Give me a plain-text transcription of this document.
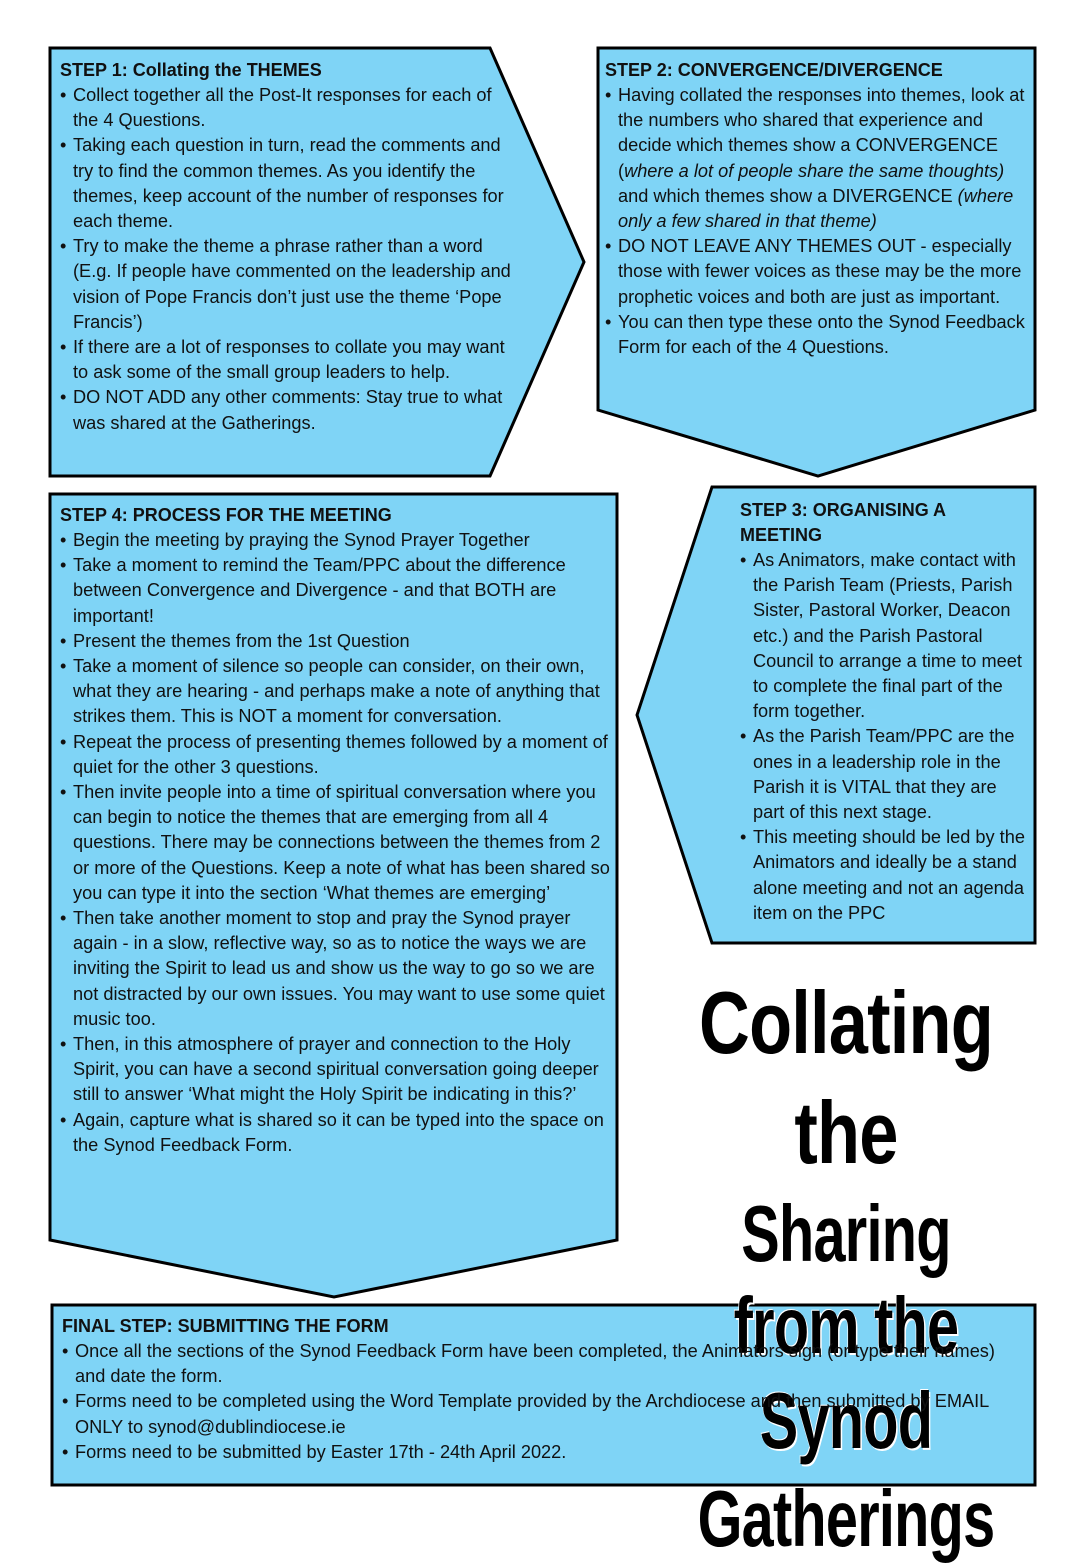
STEP 1: Collating the THEMES
• Collect together all the Post-It responses for each of the 4 Questions.
• Taking each question in turn, read the comments and try to find the common themes. As you identify the themes, keep account of the number of responses for each theme.
• Try to make the theme a phrase rather than a word (E.g. If people have commented on the leadership and vision of Pope Francis don’t just use the theme ‘Pope Francis’)
• If there are a lot of responses to collate you may want to ask some of the small group leaders to help.
• DO NOT ADD any other comments: Stay true to what was shared at the Gatherings.
STEP 2: CONVERGENCE/DIVERGENCE
• Having collated the responses into themes, look at the numbers who shared that experience and decide which themes show a CONVERGENCE (where a lot of people share the same thoughts) and which themes show a DIVERGENCE (where only a few shared in that theme)
• DO NOT LEAVE ANY THEMES OUT - especially those with fewer voices as these may be the more prophetic voices and both are just as important.
• You can then type these onto the Synod Feedback Form for each of the 4 Questions.
STEP 3: ORGANISING A MEETING
• As Animators, make contact with the Parish Team (Priests, Parish Sister, Pastoral Worker, Deacon etc.) and the Parish Pastoral Council to arrange a time to meet to complete the final part of the form together.
• As the Parish Team/PPC are the ones in a leadership role in the Parish it is VITAL that they are part of this next stage.
• This meeting should be led by the Animators and ideally be a stand alone meeting and not an agenda item on the PPC
STEP 4: PROCESS FOR THE MEETING
• Begin the meeting by praying the Synod Prayer Together
• Take a moment to remind the Team/PPC about the difference between Convergence and Divergence - and that BOTH are important!
• Present the themes from the 1st Question
• Take a moment of silence so people can consider, on their own, what they are hearing - and perhaps make a note of anything that strikes them. This is NOT a moment for conversation.
• Repeat the process of presenting themes followed by a moment of quiet for the other 3 questions.
• Then invite people into a time of spiritual conversation where you can begin to notice the themes that are emerging from all 4 questions. There may be connections between the themes from 2 or more of the Questions. Keep a note of what has been shared so you can type it into the section ‘What themes are emerging’
• Then take another moment to stop and pray the Synod prayer again - in a slow, reflective way, so as to notice the ways we are inviting the Spirit to lead us and show us the way to go so we are not distracted by our own issues. You may want to use some quiet music too.
• Then, in this atmosphere of prayer and connection to the Holy Spirit, you can have a second spiritual conversation going deeper still to answer ‘What might the Holy Spirit be indicating in this?’
• Again, capture what is shared so it can be typed into the space on the Synod Feedback Form.
Collating the
Sharing from the
Synod Gatherings
FINAL STEP: SUBMITTING THE FORM
• Once all the sections of the Synod Feedback Form have been completed, the Animators sign (or type their names) and date the form.
• Forms need to be completed using the Word Template provided by the Archdiocese and then submitted by EMAIL ONLY to synod@dublindiocese.ie
• Forms need to be submitted by Easter 17th - 24th April 2022.
